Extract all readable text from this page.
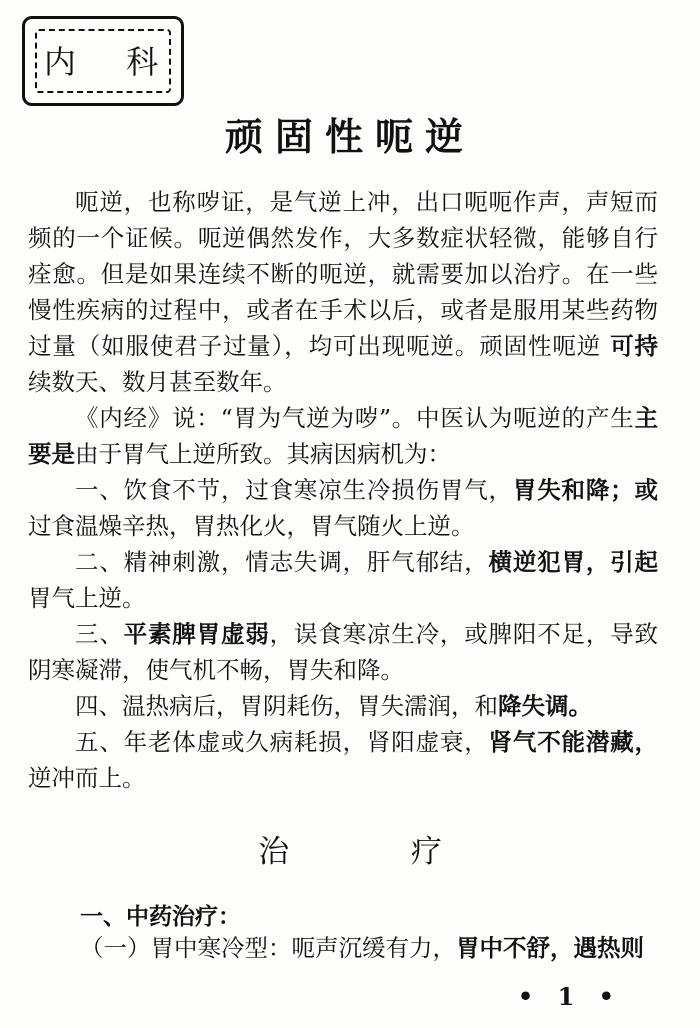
内 科
顽固性呃逆

呃逆，也称哕证，是气逆上冲，出口呃呃作声，声短而频的一个证候。呃逆偶然发作，大多数症状轻微，能够自行痊愈。但是如果连续不断的呃逆，就需要加以治疗。在一些慢性疾病的过程中，或者在手术以后，或者是服用某些药物过量（如服使君子过量），均可出现呃逆。顽固性呃逆 可持续数天、数月甚至数年。

《内经》说：“胃为气逆为哕”。中医认为呃逆的产生主要是由于胃气上逆所致。其病因病机为：

一、饮食不节，过食寒凉生冷损伤胃气，胃失和降；或过食温燥辛热，胃热化火，胃气随火上逆。

二、精神刺激，情志失调，肝气郁结，横逆犯胃，引起胃气上逆。

三、平素脾胃虚弱，误食寒凉生冷，或脾阳不足，导致阴寒凝滞，使气机不畅，胃失和降。

四、温热病后，胃阴耗伤，胃失濡润，和降失调。

五、年老体虚或久病耗损，肾阳虚衰，肾气不能潜藏，逆冲而上。

治 疗
一、中药治疗：
（一）胃中寒冷型：呃声沉缓有力，胃中不舒，遇热则
• 1 •
